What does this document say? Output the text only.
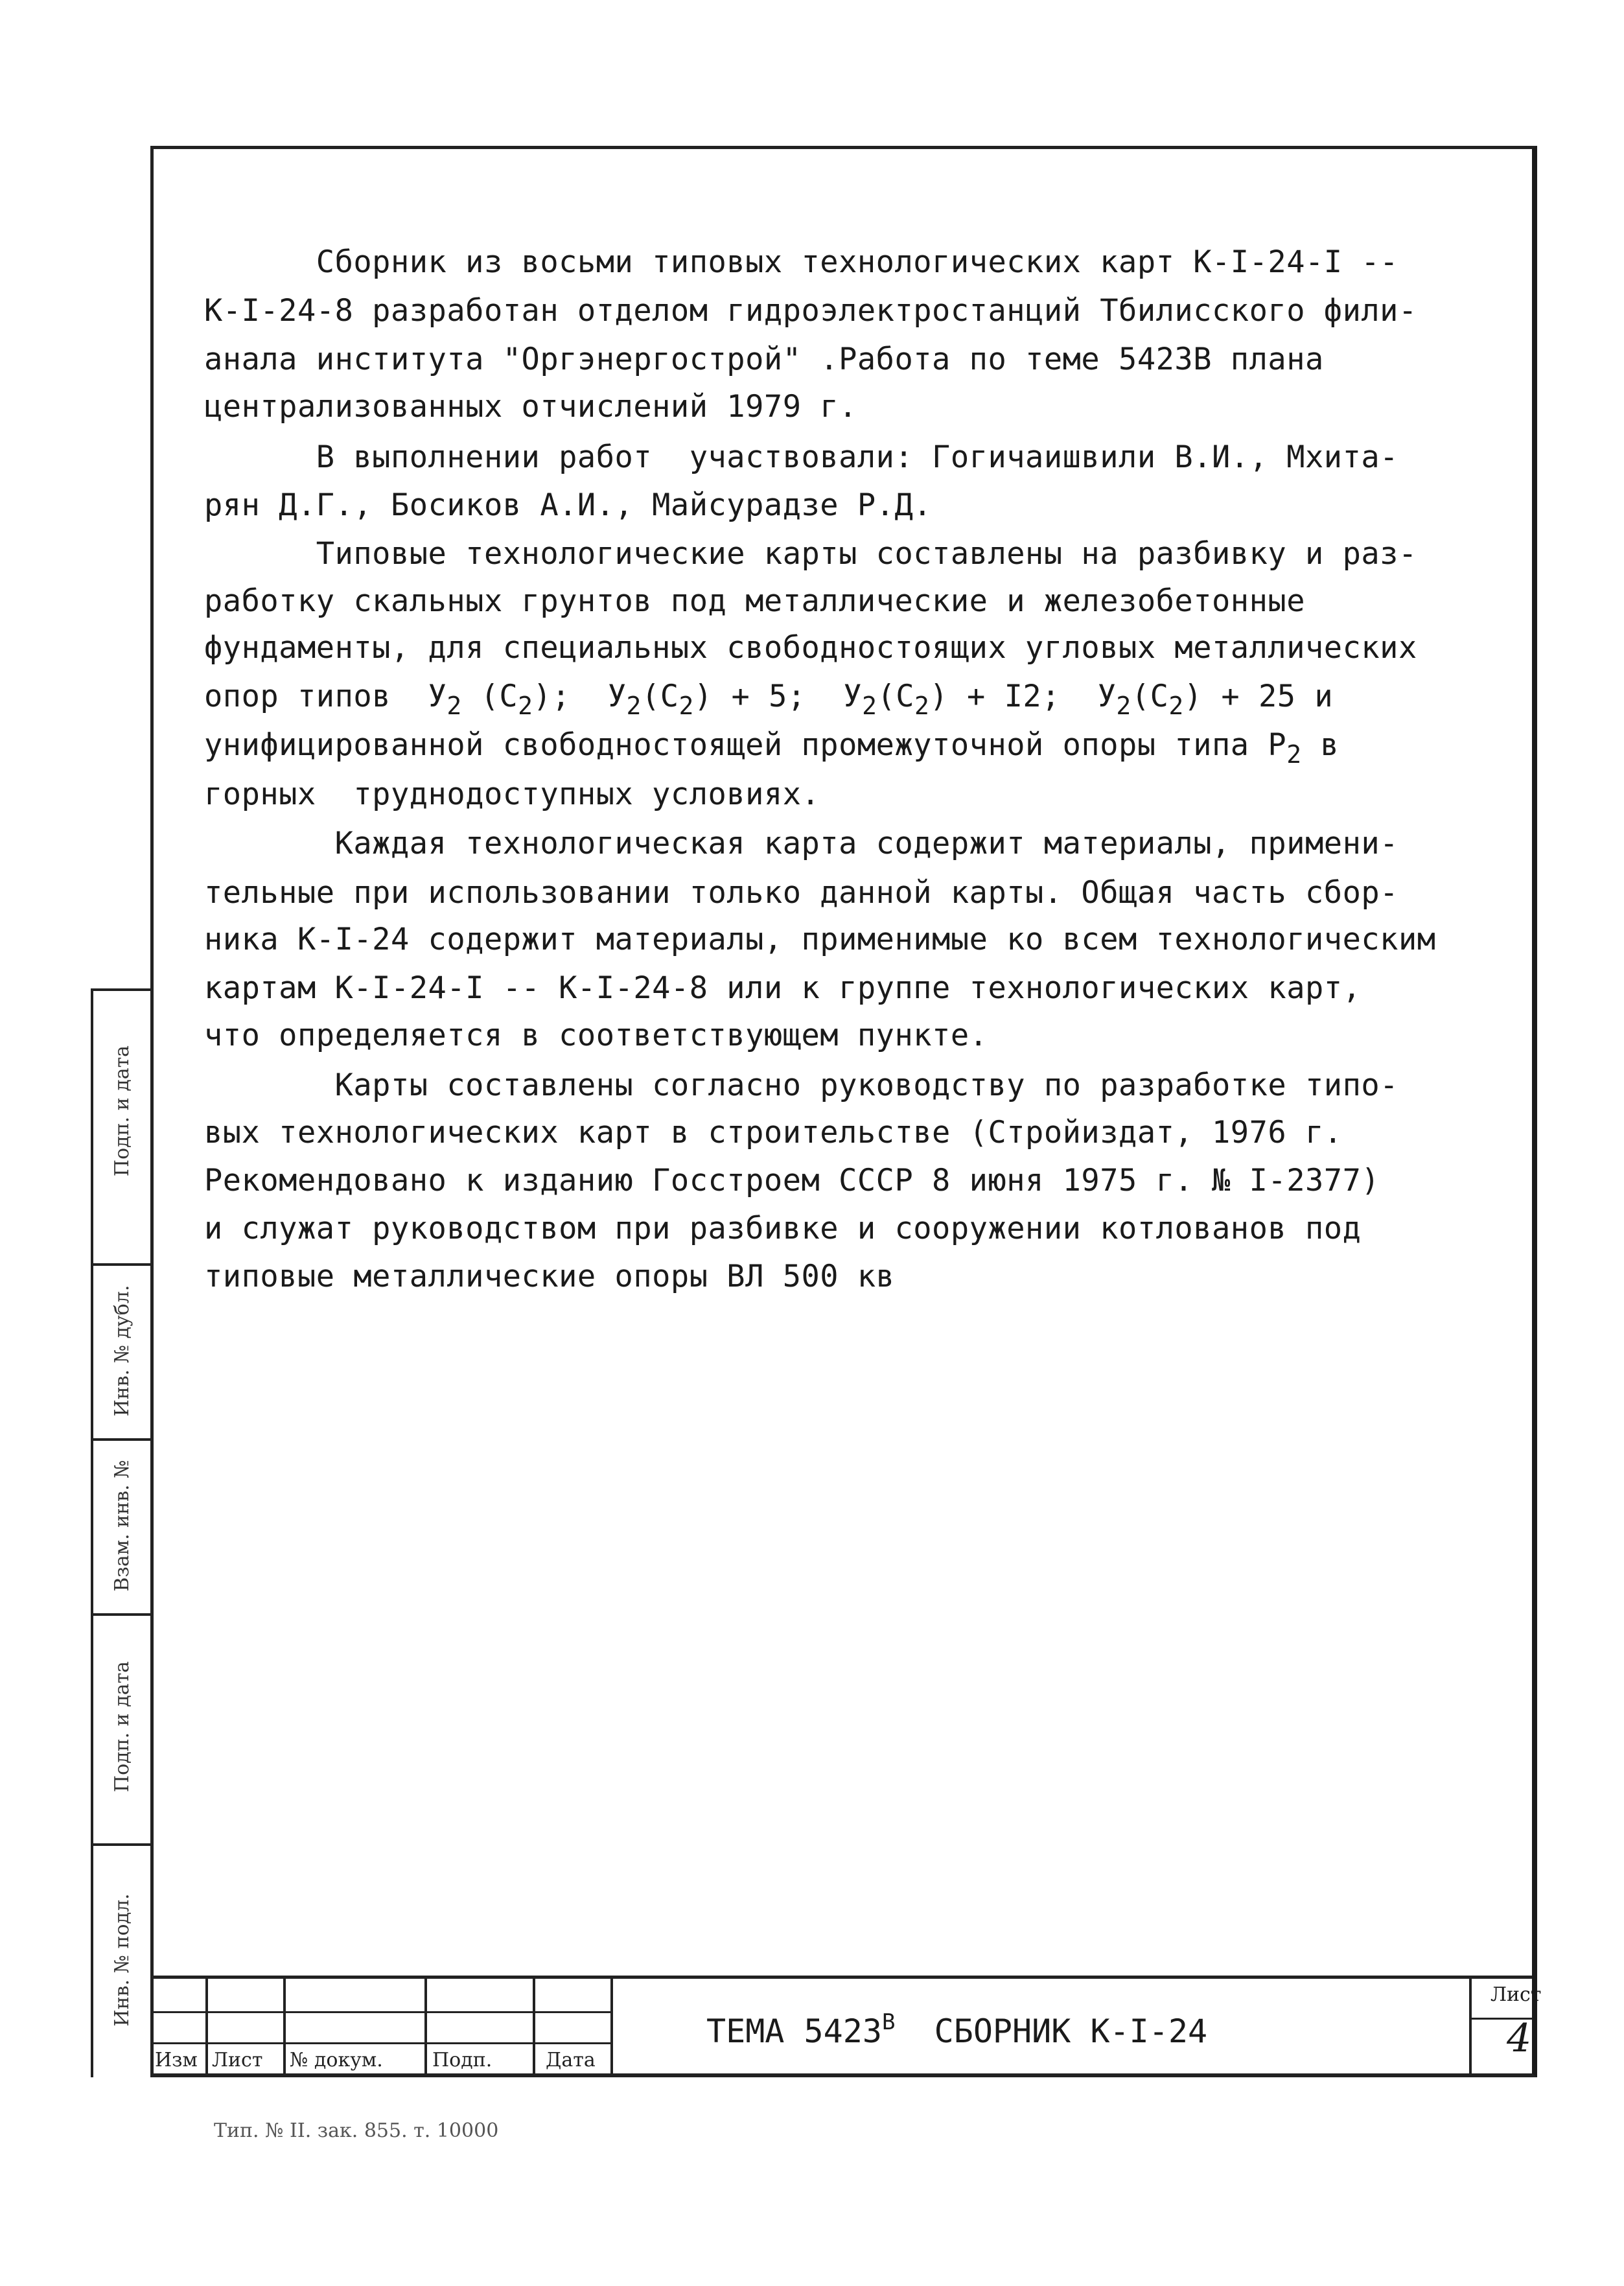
Сборник из восьми типовых технологических карт К-I-24-I --
К-I-24-8 разработан отделом гидроэлектростанций Тбилисского фили-
анала института "Оргэнергострой" .Работа по теме 5423В плана
централизованных отчислений 1979 г.
В выполнении работ  участвовали: Гогичаишвили В.И., Мхита-
рян Д.Г., Босиков А.И., Майсурадзе Р.Д.
Типовые технологические карты составлены на разбивку и раз-
работку скальных грунтов под металлические и железобетонные
фундаменты, для специальных свободностоящих угловых металлических
опор типов  $У_2$ $(С_2)$;  $У_2(С_2) + 5$;  $У_2(С_2) + I2$;  $У_2(С_2) + 25$ и
унифицированной свободностоящей промежуточной опоры типа $Р_2$ в
горных  труднодоступных условиях.
Каждая технологическая карта содержит материалы, примени-
тельные при использовании только данной карты. Общая часть сбор-
ника К-I-24 содержит материалы, применимые ко всем технологическим
картам К-I-24-I -- К-I-24-8 или к группе технологических карт,
что определяется в соответствующем пункте.
Карты составлены согласно руководству по разработке типо-
вых технологических карт в строительстве (Стройиздат, 1976 г.
Рекомендовано к изданию Госстроем СССР 8 июня 1975 г. № I-2377)
и служат руководством при разбивке и сооружении котлованов под
типовые металлические опоры ВЛ 500 кв
Подп. и дата
Инв. № дубл.
Взам. инв. №
Подп. и дата
Инв. № подл.
Изм Лист № докум.	Подп.	Дата
ТЕМА $5423^В$  СБОРНИК К-I-24
Лист
4
Тип. № II. зак. 855. т. 10000
